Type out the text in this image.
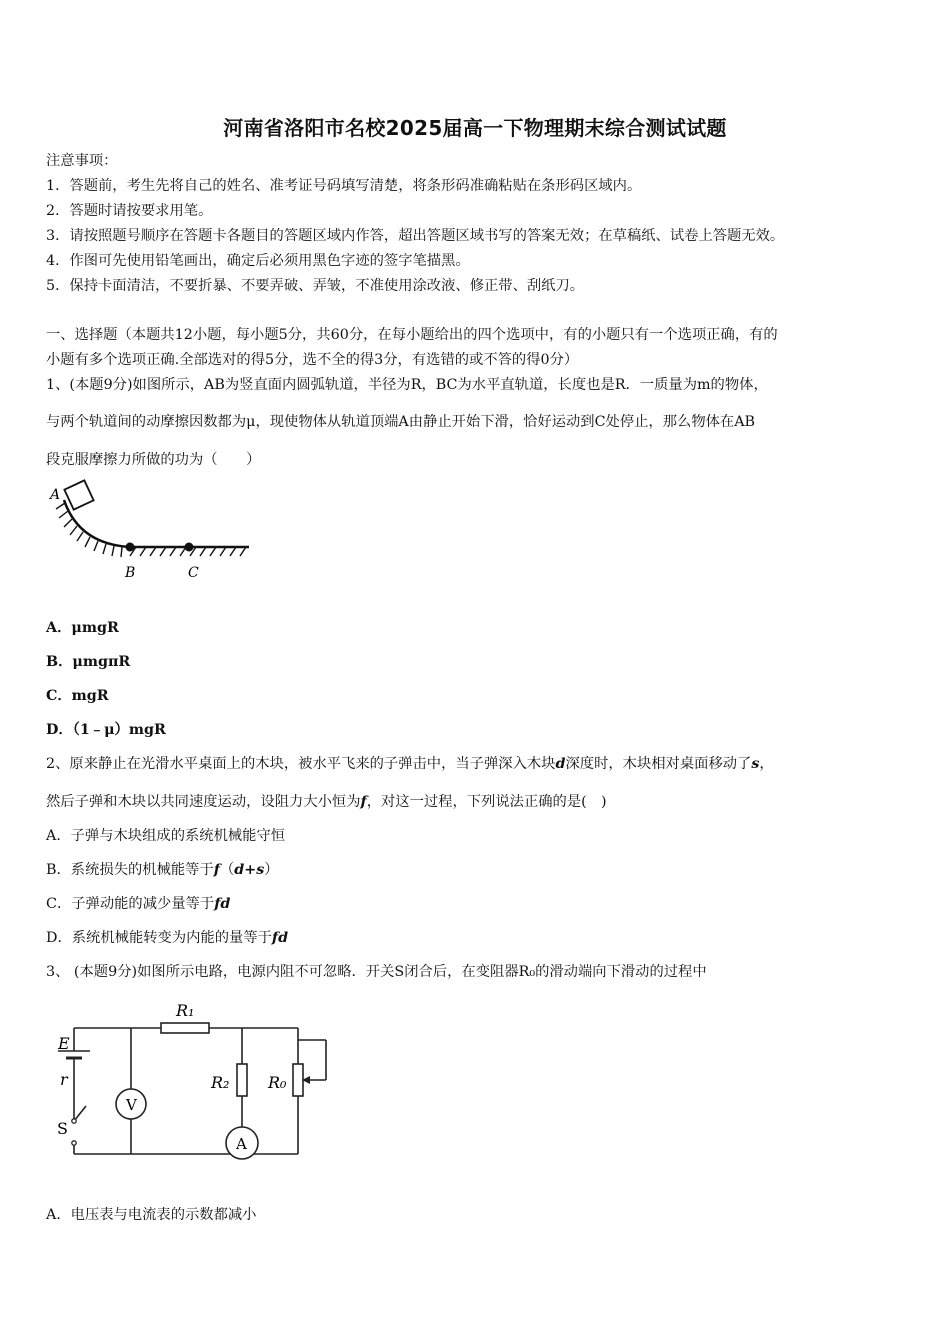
河南省洛阳市名校2025届高一下物理期末综合测试试题
注意事项：
1．答题前，考生先将自己的姓名、准考证号码填写清楚，将条形码准确粘贴在条形码区域内。
2．答题时请按要求用笔。
3．请按照题号顺序在答题卡各题目的答题区域内作答，超出答题区域书写的答案无效；在草稿纸、试卷上答题无效。
4．作图可先使用铅笔画出，确定后必须用黑色字迹的签字笔描黑。
5．保持卡面清洁，不要折暴、不要弄破、弄皱，不准使用涂改液、修正带、刮纸刀。
一、选择题（本题共12小题，每小题5分，共60分，在每小题给出的四个选项中，有的小题只有一个选项正确，有的
小题有多个选项正确.全部选对的得5分，选不全的得3分，有选错的或不答的得0分）
1、(本题9分)如图所示，AB为竖直面内圆弧轨道，半径为R，BC为水平直轨道，长度也是R．一质量为m的物体，
与两个轨道间的动摩擦因数都为μ，现使物体从轨道顶端A由静止开始下滑，恰好运动到C处停止，那么物体在AB
段克服摩擦力所做的功为（　　）
A
B	C
A．μmgR
B．μmgπR
C．mgR
D．（1﹣μ）mgR
2、原来静止在光滑水平桌面上的木块，被水平飞来的子弹击中，当子弹深入木块d深度时，木块相对桌面移动了s，
然后子弹和木块以共同速度运动，设阻力大小恒为f，对这一过程，下列说法正确的是(　)
A．子弹与木块组成的系统机械能守恒
B．系统损失的机械能等于f（d+s）
C．子弹动能的减少量等于fd
D．系统机械能转变为内能的量等于fd
3、 (本题9分)如图所示电路，电源内阻不可忽略．开关S闭合后，在变阻器R₀的滑动端向下滑动的过程中
V
A
R₁
R₂ R₀
E
r
S
A．电压表与电流表的示数都减小
